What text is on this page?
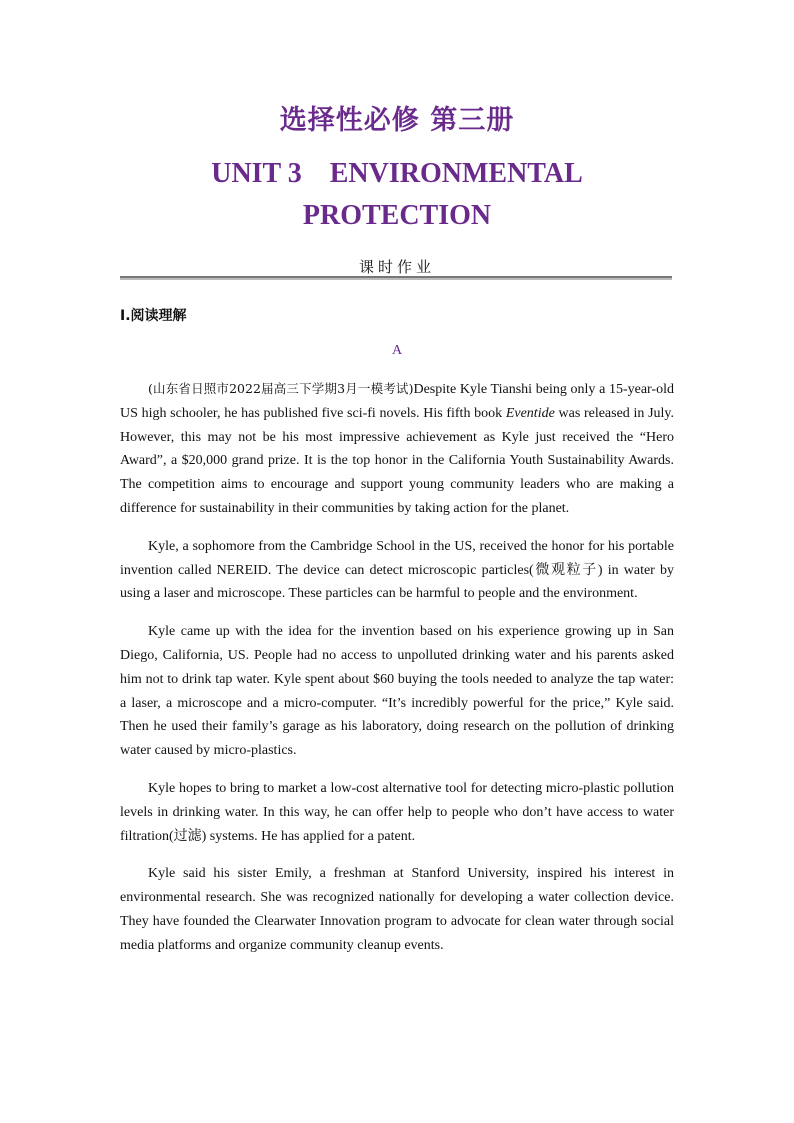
选择性必修 第三册
UNIT 3    ENVIRONMENTAL
PROTECTION
课时作业
Ⅰ.阅读理解
A

(山东省日照市2022届高三下学期3月一模考试)Despite Kyle Tianshi being only a 15-year-old US high schooler, he has published five sci-fi novels. His fifth book Eventide was released in July. However, this may not be his most impressive achievement as Kyle just received the “Hero Award”, a $20,000 grand prize. It is the top honor in the California Youth Sustainability Awards. The competition aims to encourage and support young community leaders who are making a difference for sustainability in their communities by taking action for the planet.

Kyle, a sophomore from the Cambridge School in the US, received the honor for his portable invention called NEREID. The device can detect microscopic particles(微观粒子) in water by using a laser and microscope. These particles can be harmful to people and the environment.

Kyle came up with the idea for the invention based on his experience growing up in San Diego, California, US. People had no access to unpolluted drinking water and his parents asked him not to drink tap water. Kyle spent about $60 buying the tools needed to analyze the tap water: a laser, a microscope and a micro-computer. “It’s incredibly powerful for the price,” Kyle said. Then he used their family’s garage as his laboratory, doing research on the pollution of drinking water caused by micro-plastics.

Kyle hopes to bring to market a low-cost alternative tool for detecting micro-plastic pollution levels in drinking water. In this way, he can offer help to people who don’t have access to water filtration(过滤) systems. He has applied for a patent.

Kyle said his sister Emily, a freshman at Stanford University, inspired his interest in environmental research. She was recognized nationally for developing a water collection device. They have founded the Clearwater Innovation program to advocate for clean water through social media platforms and organize community cleanup events.
